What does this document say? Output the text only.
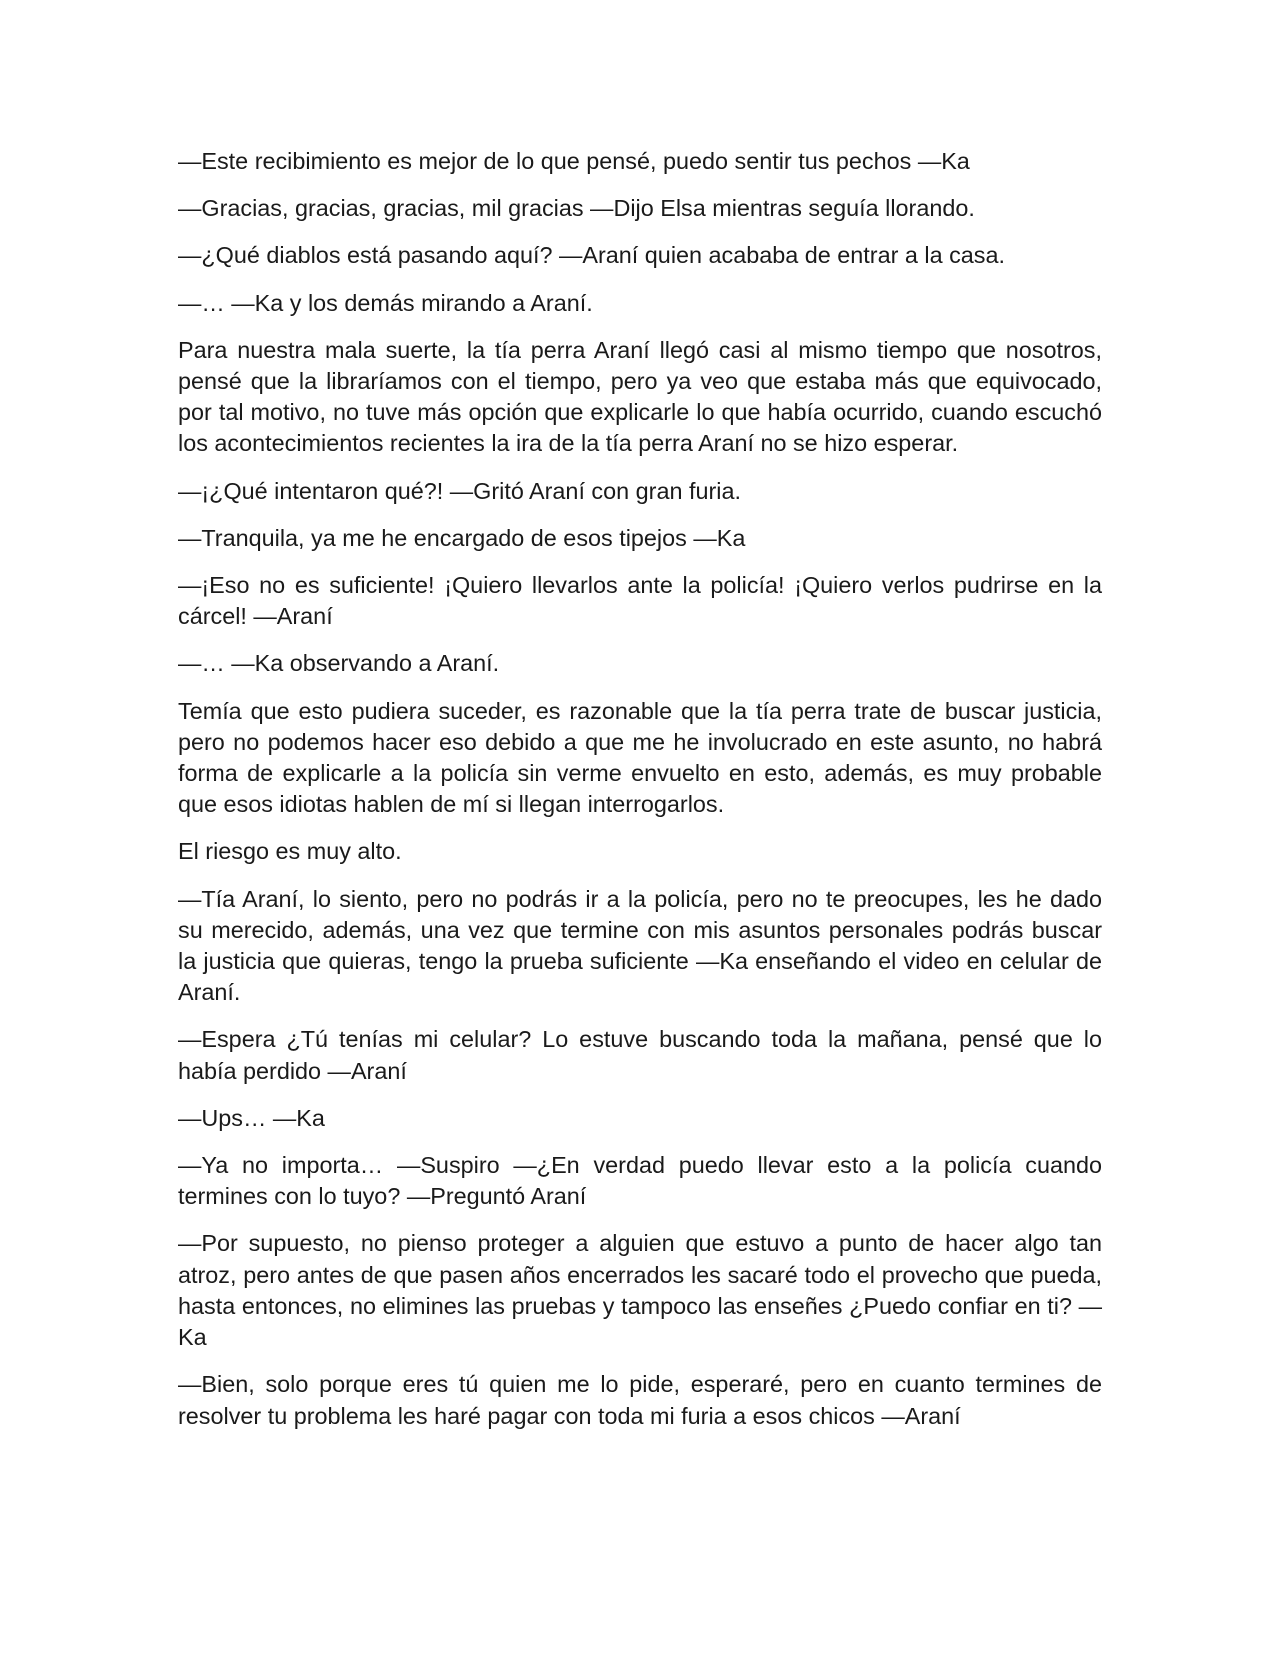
—Este recibimiento es mejor de lo que pensé, puedo sentir tus pechos —Ka

—Gracias, gracias, gracias, mil gracias —Dijo Elsa mientras seguía llorando.

—¿Qué diablos está pasando aquí? —Araní quien acababa de entrar a la casa.

—… —Ka y los demás mirando a Araní.

Para nuestra mala suerte, la tía perra Araní llegó casi al mismo tiempo que nosotros, pensé que la libraríamos con el tiempo, pero ya veo que estaba más que equivocado, por tal motivo, no tuve más opción que explicarle lo que había ocurrido, cuando escuchó los acontecimientos recientes la ira de la tía perra Araní no se hizo esperar.

—¡¿Qué intentaron qué?! —Gritó Araní con gran furia.

—Tranquila, ya me he encargado de esos tipejos —Ka

—¡Eso no es suficiente! ¡Quiero llevarlos ante la policía! ¡Quiero verlos pudrirse en la cárcel! —Araní

—… —Ka observando a Araní.

Temía que esto pudiera suceder, es razonable que la tía perra trate de buscar justicia, pero no podemos hacer eso debido a que me he involucrado en este asunto, no habrá forma de explicarle a la policía sin verme envuelto en esto, además, es muy probable que esos idiotas hablen de mí si llegan interrogarlos.

El riesgo es muy alto.

—Tía Araní, lo siento, pero no podrás ir a la policía, pero no te preocupes, les he dado su merecido, además, una vez que termine con mis asuntos personales podrás buscar la justicia que quieras, tengo la prueba suficiente —Ka enseñando el video en celular de Araní.

—Espera ¿Tú tenías mi celular? Lo estuve buscando toda la mañana, pensé que lo había perdido —Araní

—Ups… —Ka

—Ya no importa… —Suspiro —¿En verdad puedo llevar esto a la policía cuando termines con lo tuyo? —Preguntó Araní

—Por supuesto, no pienso proteger a alguien que estuvo a punto de hacer algo tan atroz, pero antes de que pasen años encerrados les sacaré todo el provecho que pueda, hasta entonces, no elimines las pruebas y tampoco las enseñes ¿Puedo confiar en ti? —Ka

—Bien, solo porque eres tú quien me lo pide, esperaré, pero en cuanto termines de resolver tu problema les haré pagar con toda mi furia a esos chicos —Araní
